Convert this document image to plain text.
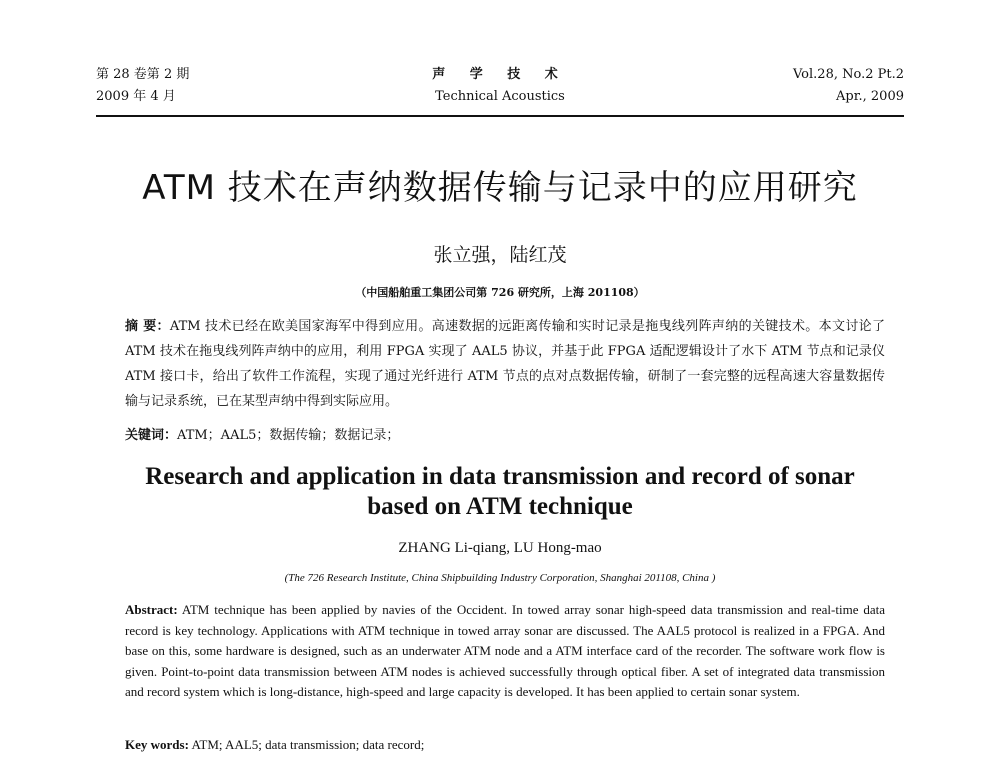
第 28 卷第 2 期
2009 年 4 月
声 学 技 术
Technical Acoustics
Vol.28, No.2 Pt.2
Apr., 2009
ATM 技术在声纳数据传输与记录中的应用研究
张立强，陆红茂
（中国船舶重工集团公司第 726 研究所，上海 201108）
摘 要：ATM 技术已经在欧美国家海军中得到应用。高速数据的远距离传输和实时记录是拖曳线列阵声纳的关键技术。本文讨论了 ATM 技术在拖曳线列阵声纳中的应用，利用 FPGA 实现了 AAL5 协议，并基于此 FPGA 适配逻辑设计了水下 ATM 节点和记录仪 ATM 接口卡，给出了软件工作流程，实现了通过光纤进行 ATM 节点的点对点数据传输，研制了一套完整的远程高速大容量数据传输与记录系统，已在某型声纳中得到实际应用。
关键词：ATM；AAL5；数据传输；数据记录；
Research and application in data transmission and record of sonar
based on ATM technique
ZHANG Li-qiang, LU Hong-mao
(The 726 Research Institute, China Shipbuilding Industry Corporation, Shanghai 201108, China )
Abstract: ATM technique has been applied by navies of the Occident. In towed array sonar high-speed data transmission and real-time data record is key technology. Applications with ATM technique in towed array sonar are discussed. The AAL5 protocol is realized in a FPGA. And base on this, some hardware is designed, such as an underwater ATM node and a ATM interface card of the recorder. The software work flow is given. Point-to-point data transmission between ATM nodes is achieved successfully through optical fiber. A set of integrated data transmission and record system which is long-distance, high-speed and large capacity is developed. It has been applied to certain sonar system.
Key words: ATM; AAL5; data transmission; data record;
